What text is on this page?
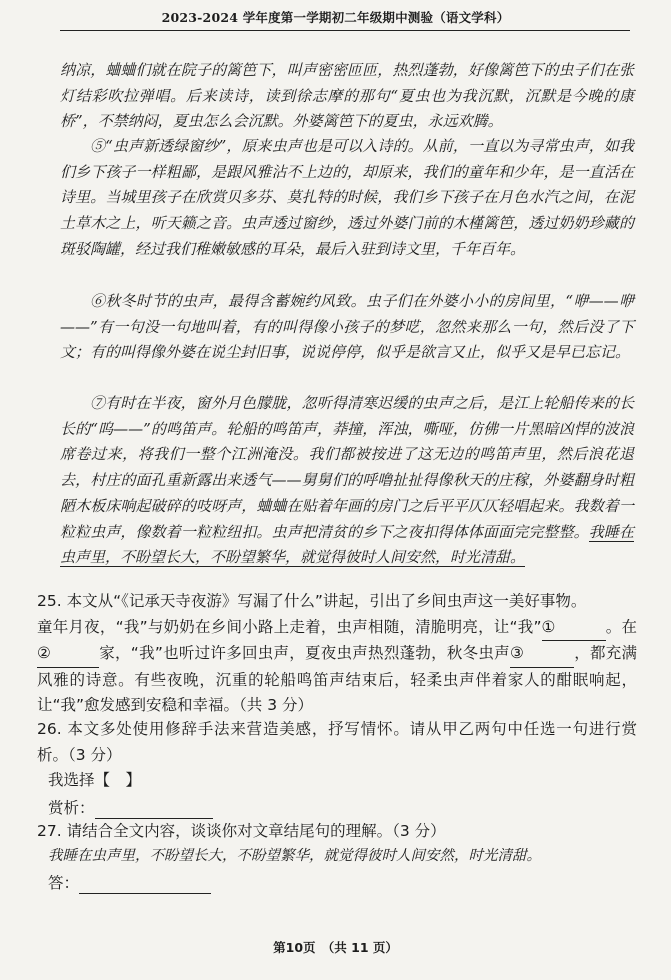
2023-2024 学年度第一学期初二年级期中测验（语文学科）
纳凉，蛐蛐们就在院子的篱笆下，叫声密密匝匝，热烈蓬勃，好像篱笆下的虫子们在张灯结彩吹拉弹唱。后来读诗，读到徐志摩的那句“夏虫也为我沉默，沉默是今晚的康桥”，不禁纳闷，夏虫怎么会沉默。外婆篱笆下的夏虫，永远欢腾。
⑤“虫声新透绿窗纱”，原来虫声也是可以入诗的。从前，一直以为寻常虫声，如我们乡下孩子一样粗鄙，是跟风雅沾不上边的，却原来，我们的童年和少年，是一直活在诗里。当城里孩子在欣赏贝多芬、莫扎特的时候，我们乡下孩子在月色水汽之间，在泥土草木之上，听天籁之音。虫声透过窗纱，透过外婆门前的木槿篱笆，透过奶奶珍藏的斑驳陶罐，经过我们稚嫩敏感的耳朵，最后入驻到诗文里，千年百年。
⑥秋冬时节的虫声，最得含蓄婉约风致。虫子们在外婆小小的房间里，“咿——咿——”有一句没一句地叫着，有的叫得像小孩子的梦呓，忽然来那么一句，然后没了下文；有的叫得像外婆在说尘封旧事，说说停停，似乎是欲言又止，似乎又是早已忘记。
⑦有时在半夜，窗外月色朦胧，忽听得清寒迟缓的虫声之后，是江上轮船传来的长长的“呜——”的鸣笛声。轮船的鸣笛声，莽撞，浑浊，嘶哑，仿佛一片黑暗凶悍的波浪席卷过来，将我们一整个江洲淹没。我们都被按进了这无边的鸣笛声里，然后浪花退去，村庄的面孔重新露出来透气——舅舅们的呼噜扯扯得像秋天的庄稼，外婆翻身时粗陋木板床响起破碎的吱呀声，蛐蛐在贴着年画的房门之后平平仄仄轻唱起来。我数着一粒粒虫声，像数着一粒粒纽扣。虫声把清贫的乡下之夜扣得体体面面完完整整。我睡在虫声里，不盼望长大，不盼望繁华，就觉得彼时人间安然，时光清甜。
25. 本文从“《记承天寺夜游》写漏了什么”讲起，引出了乡间虫声这一美好事物。
童年月夜，“我”与奶奶在乡间小路上走着，虫声相随，清脆明亮，让“我”①	。在②	家，“我”也听过许多回虫声，夏夜虫声热烈蓬勃，秋冬虫声③	，都充满风雅的诗意。有些夜晚，沉重的轮船鸣笛声结束后，轻柔虫声伴着家人的酣眠响起，让“我”愈发感到安稳和幸福。（共 3 分）
26. 本文多处使用修辞手法来营造美感，抒写情怀。请从甲乙两句中任选一句进行赏析。（3 分）
我选择【　】
赏析：
27. 请结合全文内容，谈谈你对文章结尾句的理解。（3 分）
我睡在虫声里，不盼望长大，不盼望繁华，就觉得彼时人间安然，时光清甜。
答：
第10页　（共 11 页）
